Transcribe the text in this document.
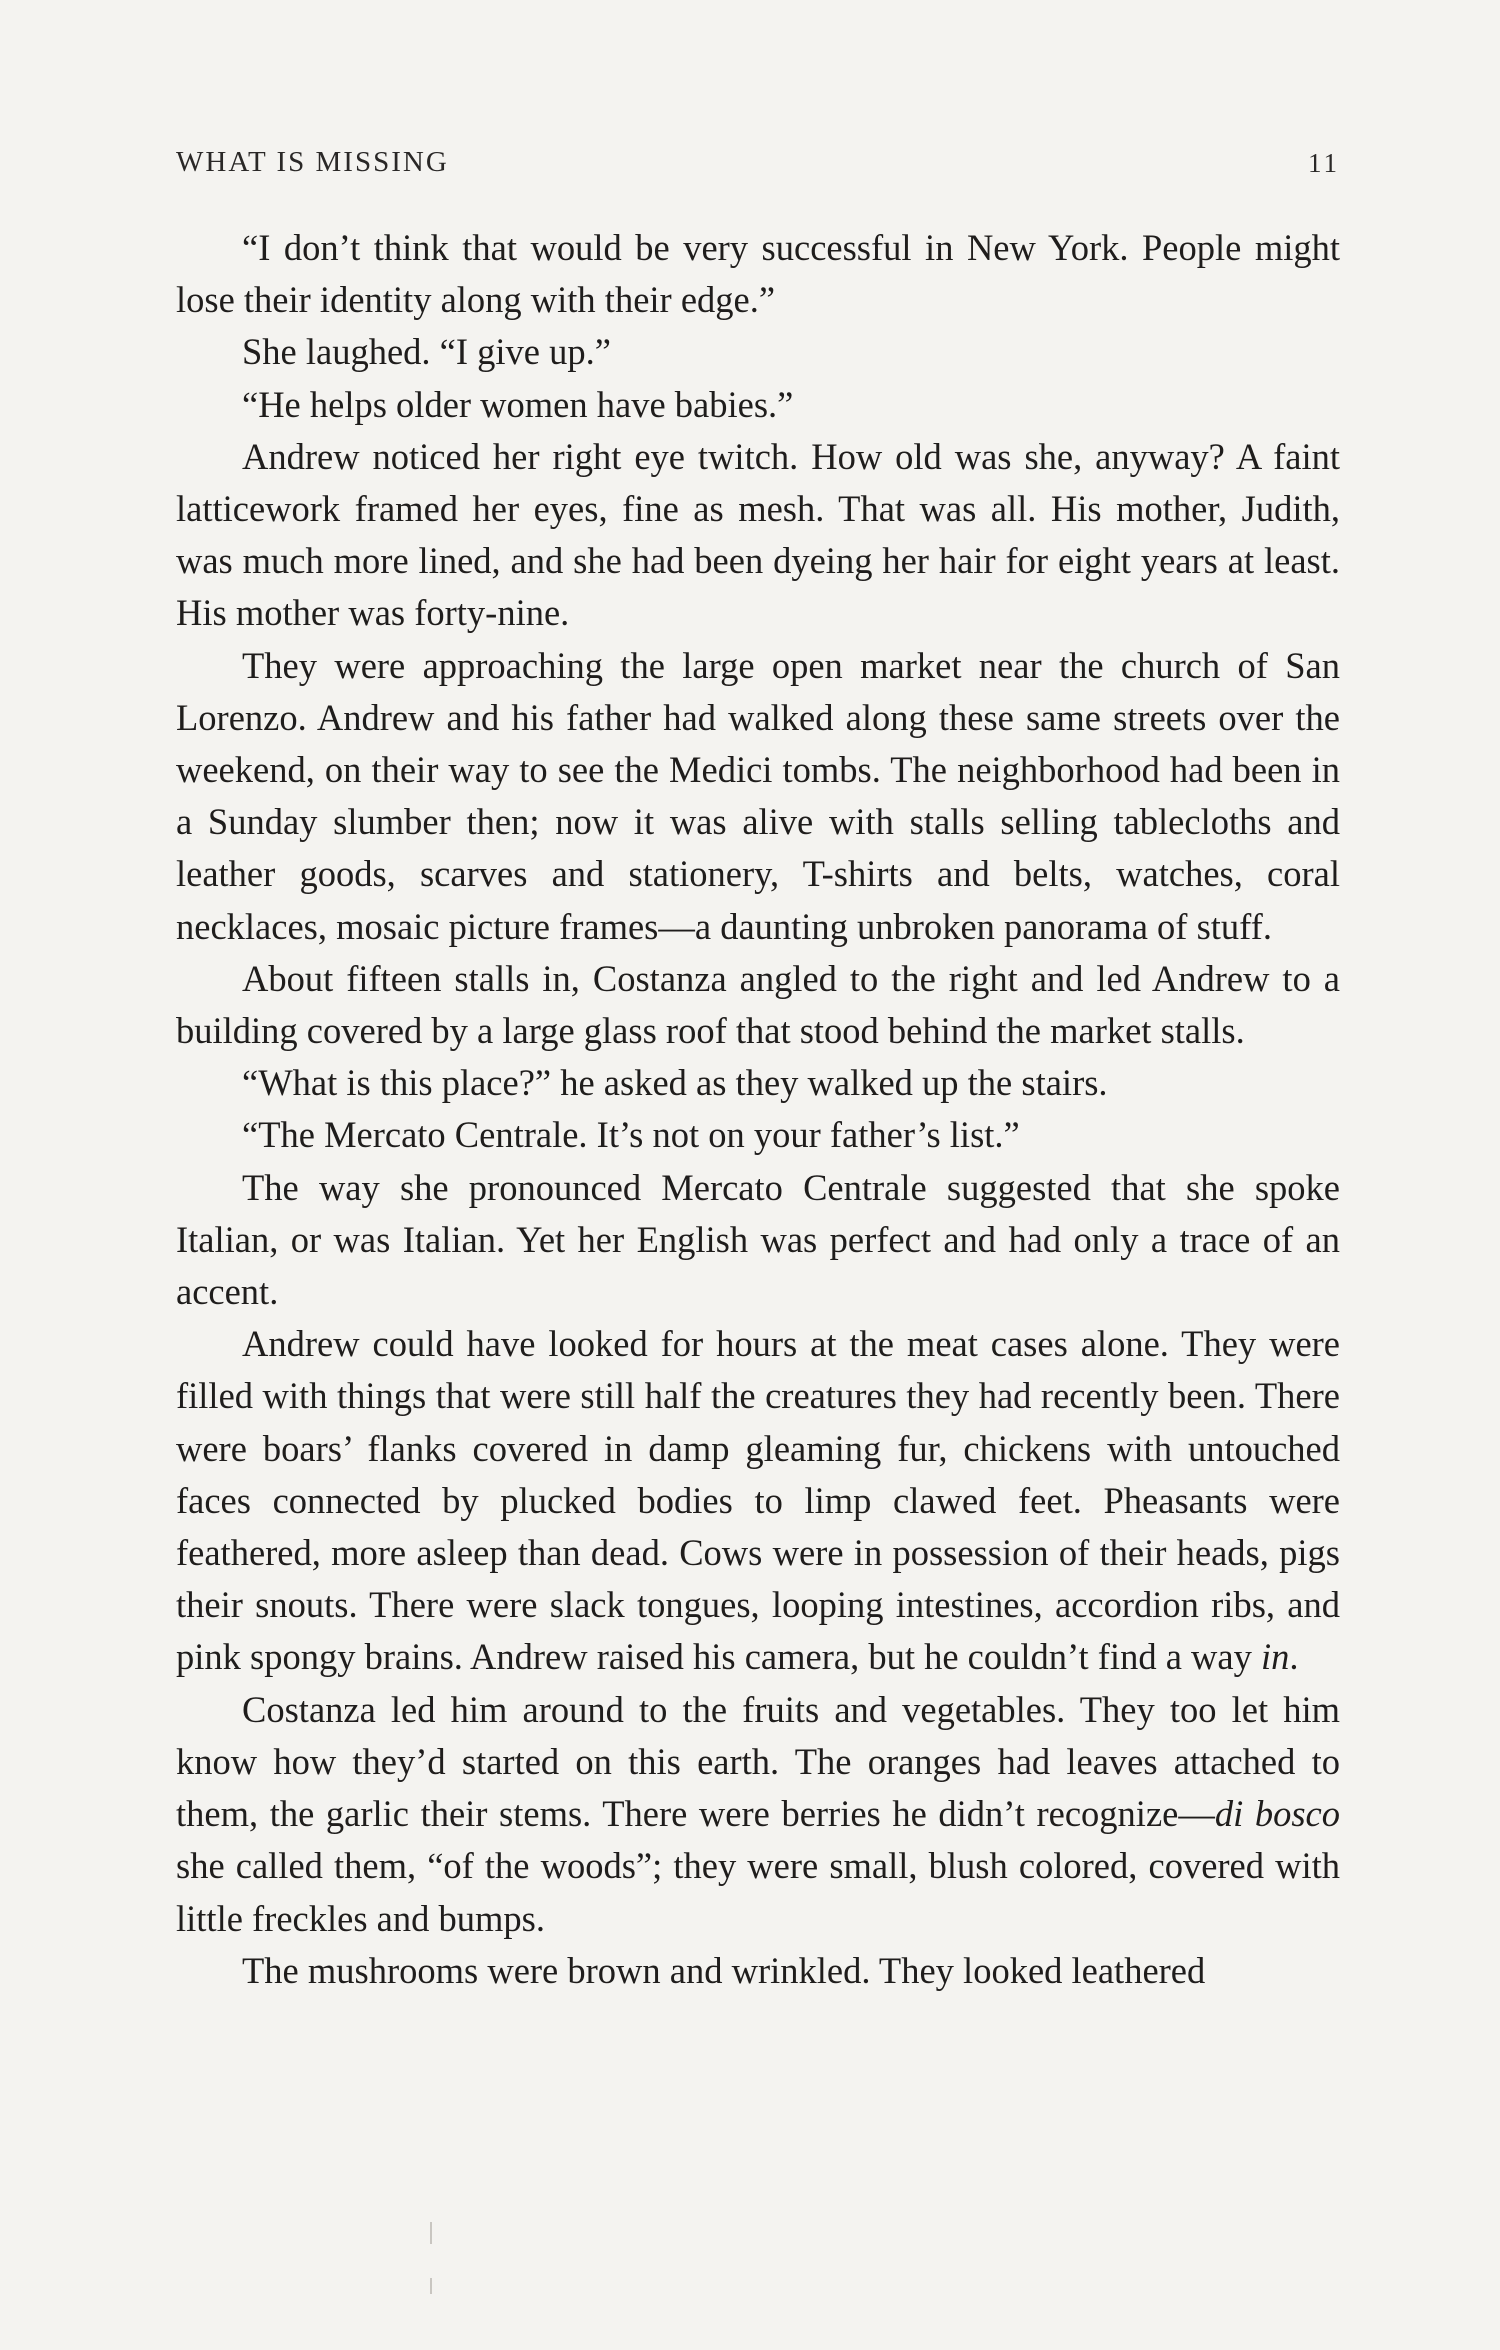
WHAT IS MISSING	11

“I don’t think that would be very successful in New York. People might lose their identity along with their edge.”

She laughed. “I give up.”

“He helps older women have babies.”

Andrew noticed her right eye twitch. How old was she, anyway? A faint latticework framed her eyes, fine as mesh. That was all. His mother, Judith, was much more lined, and she had been dyeing her hair for eight years at least. His mother was forty-nine.

They were approaching the large open market near the church of San Lorenzo. Andrew and his father had walked along these same streets over the weekend, on their way to see the Medici tombs. The neighborhood had been in a Sunday slumber then; now it was alive with stalls selling tablecloths and leather goods, scarves and stationery, T-shirts and belts, watches, coral necklaces, mosaic picture frames—a daunting unbroken panorama of stuff.

About fifteen stalls in, Costanza angled to the right and led Andrew to a building covered by a large glass roof that stood behind the market stalls.

“What is this place?” he asked as they walked up the stairs.

“The Mercato Centrale. It’s not on your father’s list.”

The way she pronounced Mercato Centrale suggested that she spoke Italian, or was Italian. Yet her English was perfect and had only a trace of an accent.

Andrew could have looked for hours at the meat cases alone. They were filled with things that were still half the creatures they had recently been. There were boars’ flanks covered in damp gleaming fur, chickens with untouched faces connected by plucked bodies to limp clawed feet. Pheasants were feathered, more asleep than dead. Cows were in possession of their heads, pigs their snouts. There were slack tongues, looping intestines, accordion ribs, and pink spongy brains. Andrew raised his camera, but he couldn’t find a way in.

Costanza led him around to the fruits and vegetables. They too let him know how they’d started on this earth. The oranges had leaves attached to them, the garlic their stems. There were berries he didn’t recognize—di bosco she called them, “of the woods”; they were small, blush colored, covered with little freckles and bumps.

The mushrooms were brown and wrinkled. They looked leathered
